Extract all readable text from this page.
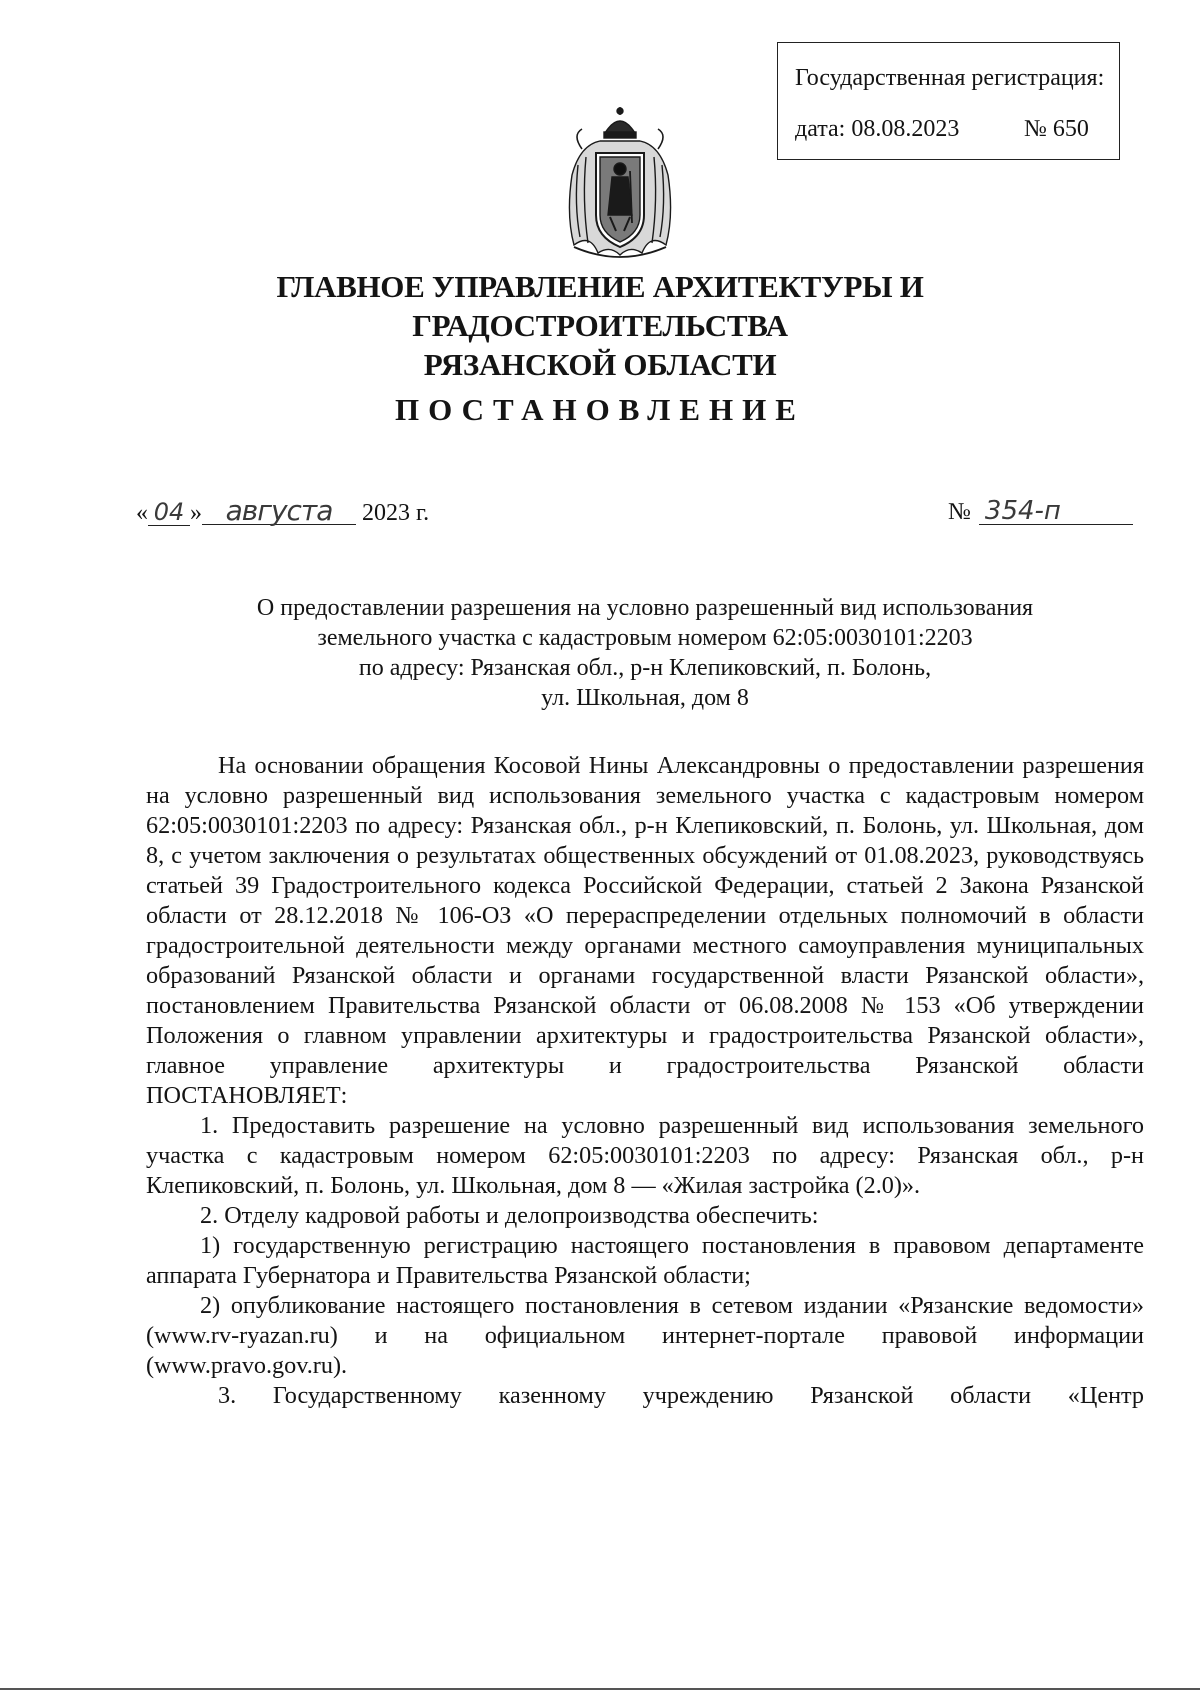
Государственная регистрация:
дата: 08.08.2023	№ 650
ГЛАВНОЕ УПРАВЛЕНИЕ АРХИТЕКТУРЫ И ГРАДОСТРОИТЕЛЬСТВА
РЯЗАНСКОЙ ОБЛАСТИ
ПОСТАНОВЛЕНИЕ
« 04 » августа 2023 г.	№ 354-п
О предоставлении разрешения на условно разрешенный вид использования
земельного участка с кадастровым номером 62:05:0030101:2203
по адресу: Рязанская обл., р-н Клепиковский, п. Болонь,
ул. Школьная, дом 8

На основании обращения Косовой Нины Александровны о предоставлении разрешения на условно разрешенный вид использования земельного участка с кадастровым номером 62:05:0030101:2203 по адресу: Рязанская обл., р-н Клепиковский, п. Болонь, ул. Школьная, дом 8, с учетом заключения о результатах общественных обсуждений от 01.08.2023, руководствуясь статьей 39 Градостроительного кодекса Российской Федерации, статьей 2 Закона Рязанской области от 28.12.2018 № 106-ОЗ «О перераспределении отдельных полномочий в области градостроительной деятельности между органами местного самоуправления муниципальных образований Рязанской области и органами государственной власти Рязанской области», постановлением Правительства Рязанской области от 06.08.2008 № 153 «Об утверждении Положения о главном управлении архитектуры и градостроительства Рязанской области», главное управление архитектуры и градостроительства Рязанской области

ПОСТАНОВЛЯЕТ:

1. Предоставить разрешение на условно разрешенный вид использования земельного участка с кадастровым номером 62:05:0030101:2203 по адресу: Рязанская обл., р-н Клепиковский, п. Болонь, ул. Школьная, дом 8 — «Жилая застройка (2.0)».

2. Отделу кадровой работы и делопроизводства обеспечить:

1) государственную регистрацию настоящего постановления в правовом департаменте аппарата Губернатора и Правительства Рязанской области;

2) опубликование настоящего постановления в сетевом издании «Рязанские ведомости» (www.rv-ryazan.ru) и на официальном интернет-портале правовой информации (www.pravo.gov.ru).

3. Государственному казенному учреждению Рязанской области «Центр
